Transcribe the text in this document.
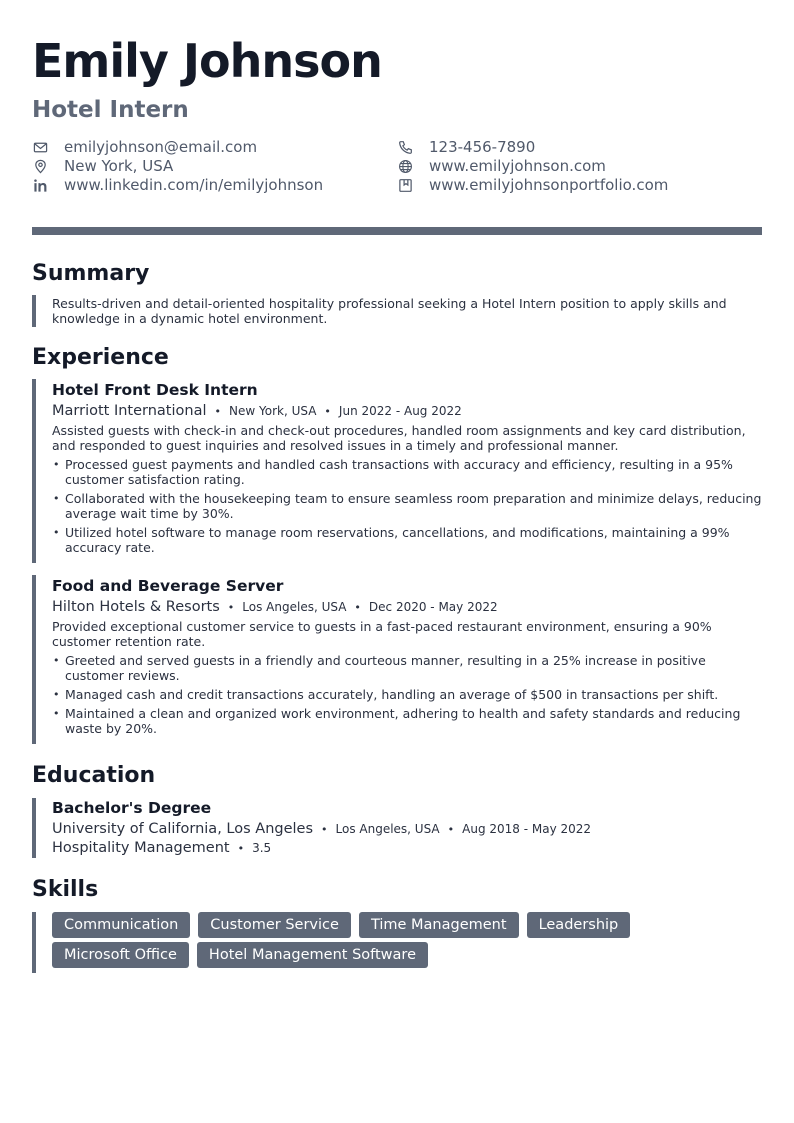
Emily Johnson
Hotel Intern
emilyjohnson@email.com	123-456-7890
New York, USA	www.emilyjohnson.com
www.linkedin.com/in/emilyjohnson	www.emilyjohnsonportfolio.com
Summary
Results-driven and detail-oriented hospitality professional seeking a Hotel Intern position to apply skills and knowledge in a dynamic hotel environment.
Experience
Hotel Front Desk Intern
Marriott International • New York, USA • Jun 2022 - Aug 2022
Assisted guests with check-in and check-out procedures, handled room assignments and key card distribution, and responded to guest inquiries and resolved issues in a timely and professional manner.
• Processed guest payments and handled cash transactions with accuracy and efficiency, resulting in a 95% customer satisfaction rating.
• Collaborated with the housekeeping team to ensure seamless room preparation and minimize delays, reducing average wait time by 30%.
• Utilized hotel software to manage room reservations, cancellations, and modifications, maintaining a 99% accuracy rate.
Food and Beverage Server
Hilton Hotels & Resorts • Los Angeles, USA • Dec 2020 - May 2022
Provided exceptional customer service to guests in a fast-paced restaurant environment, ensuring a 90% customer retention rate.
• Greeted and served guests in a friendly and courteous manner, resulting in a 25% increase in positive customer reviews.
• Managed cash and credit transactions accurately, handling an average of $500 in transactions per shift.
• Maintained a clean and organized work environment, adhering to health and safety standards and reducing waste by 20%.
Education
Bachelor's Degree
University of California, Los Angeles • Los Angeles, USA • Aug 2018 - May 2022
Hospitality Management • 3.5
Skills
Communication	Customer Service	Time Management	Leadership
Microsoft Office	Hotel Management Software
